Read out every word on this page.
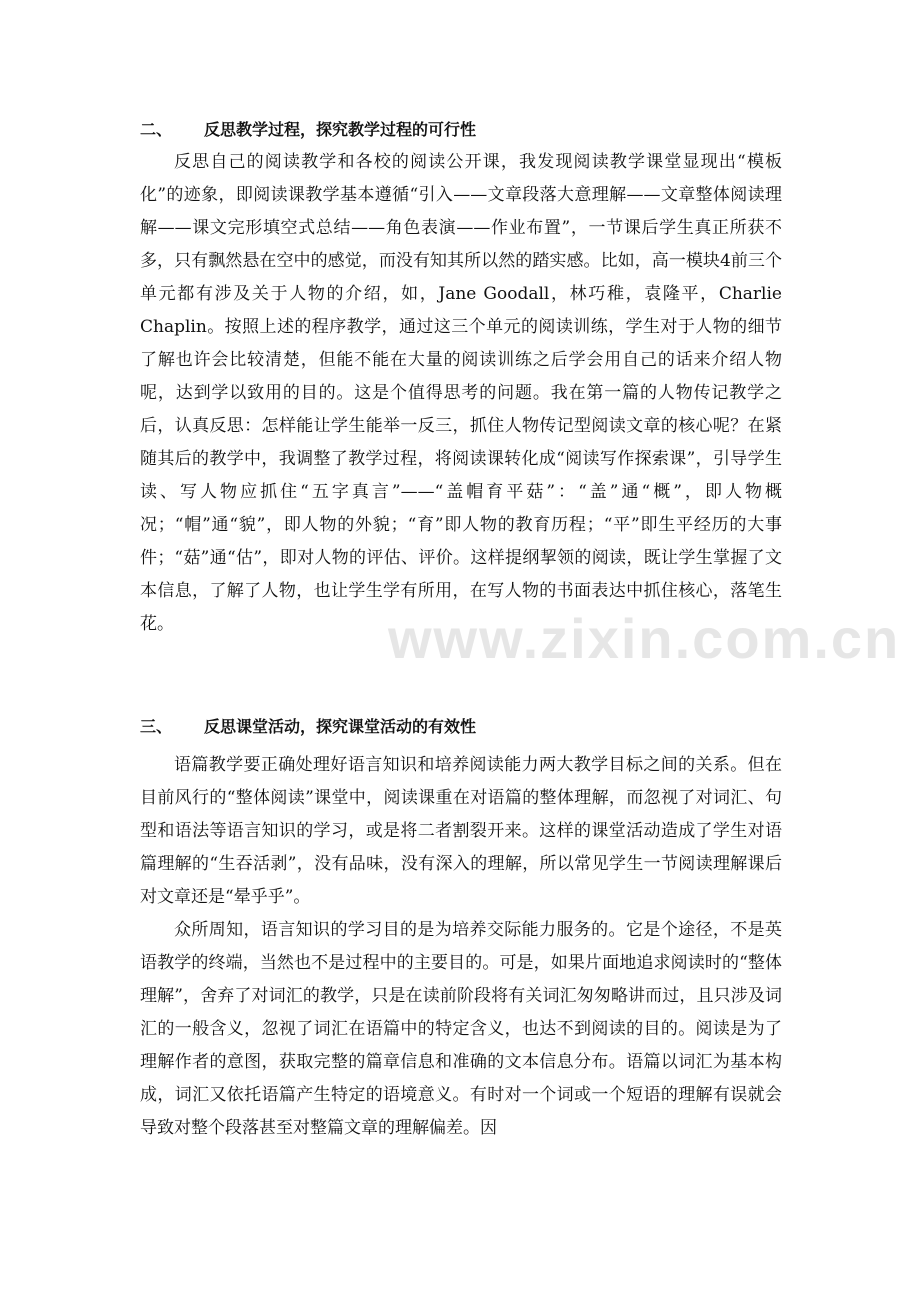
www.zixin.com.cn
二、 反思教学过程，探究教学过程的可行性

反思自己的阅读教学和各校的阅读公开课，我发现阅读教学课堂显现出“模板化”的迹象，即阅读课教学基本遵循“引入——文章段落大意理解——文章整体阅读理解——课文完形填空式总结——角色表演——作业布置”，一节课后学生真正所获不多，只有飘然悬在空中的感觉，而没有知其所以然的踏实感。比如，高一模块4前三个单元都有涉及关于人物的介绍，如，Jane Goodall，林巧稚，袁隆平，Charlie Chaplin。按照上述的程序教学，通过这三个单元的阅读训练，学生对于人物的细节了解也许会比较清楚，但能不能在大量的阅读训练之后学会用自己的话来介绍人物呢，达到学以致用的目的。这是个值得思考的问题。我在第一篇的人物传记教学之后，认真反思：怎样能让学生能举一反三，抓住人物传记型阅读文章的核心呢？在紧随其后的教学中，我调整了教学过程，将阅读课转化成“阅读写作探索课”，引导学生读、写人物应抓住“五字真言”——“盖帽育平菇”：“盖”通“概”，即人物概况；“帽”通“貌”，即人物的外貌；“育”即人物的教育历程；“平”即生平经历的大事件；“菇”通“估”，即对人物的评估、评价。这样提纲挈领的阅读，既让学生掌握了文本信息，了解了人物，也让学生学有所用，在写人物的书面表达中抓住核心，落笔生花。

三、 反思课堂活动，探究课堂活动的有效性

语篇教学要正确处理好语言知识和培养阅读能力两大教学目标之间的关系。但在目前风行的“整体阅读”课堂中，阅读课重在对语篇的整体理解，而忽视了对词汇、句型和语法等语言知识的学习，或是将二者割裂开来。这样的课堂活动造成了学生对语篇理解的“生吞活剥”，没有品味，没有深入的理解，所以常见学生一节阅读理解课后对文章还是“晕乎乎”。

众所周知，语言知识的学习目的是为培养交际能力服务的。它是个途径，不是英语教学的终端，当然也不是过程中的主要目的。可是，如果片面地追求阅读时的“整体理解”，舍弃了对词汇的教学，只是在读前阶段将有关词汇匆匆略讲而过，且只涉及词汇的一般含义，忽视了词汇在语篇中的特定含义，也达不到阅读的目的。阅读是为了理解作者的意图，获取完整的篇章信息和准确的文本信息分布。语篇以词汇为基本构成，词汇又依托语篇产生特定的语境意义。有时对一个词或一个短语的理解有误就会导致对整个段落甚至对整篇文章的理解偏差。因
